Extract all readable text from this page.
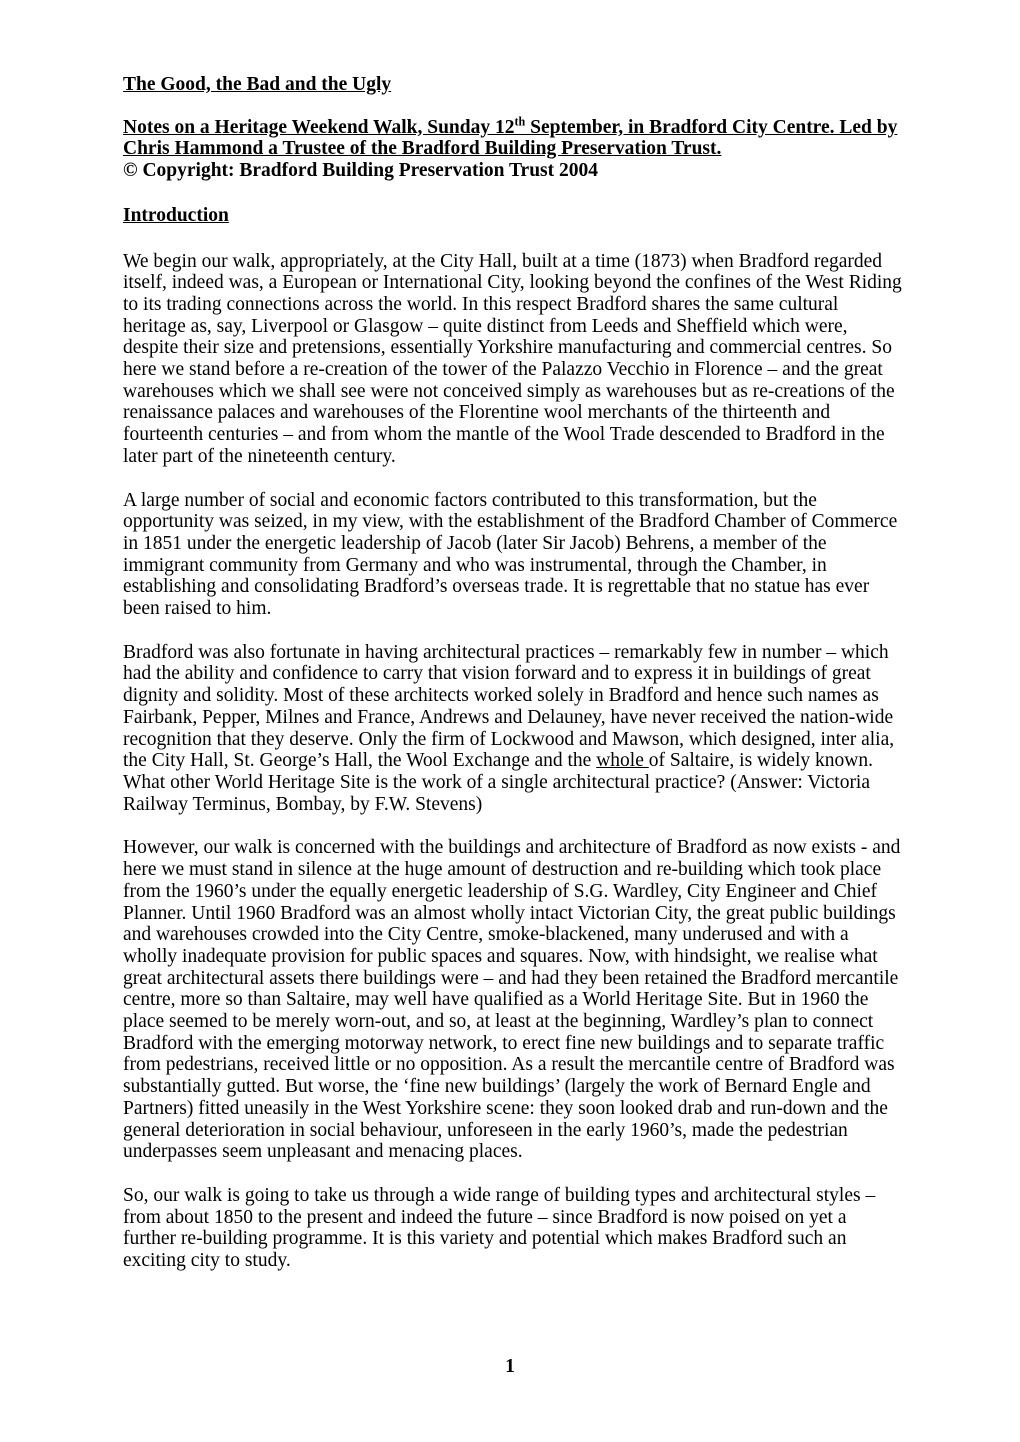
The Good, the Bad and the Ugly
Notes on a Heritage Weekend Walk, Sunday 12th September, in Bradford City Centre. Led by Chris Hammond a Trustee of the Bradford Building Preservation Trust.
© Copyright: Bradford Building Preservation Trust 2004
Introduction

We begin our walk, appropriately, at the City Hall, built at a time (1873) when Bradford regarded itself, indeed was, a European or International City, looking beyond the confines of the West Riding to its trading connections across the world. In this respect Bradford shares the same cultural heritage as, say, Liverpool or Glasgow – quite distinct from Leeds and Sheffield which were, despite their size and pretensions, essentially Yorkshire manufacturing and commercial centres. So here we stand before a re-creation of the tower of the Palazzo Vecchio in Florence – and the great warehouses which we shall see were not conceived simply as warehouses but as re-creations of the renaissance palaces and warehouses of the Florentine wool merchants of the thirteenth and fourteenth centuries – and from whom the mantle of the Wool Trade descended to Bradford in the later part of the nineteenth century.

A large number of social and economic factors contributed to this transformation, but the opportunity was seized, in my view, with the establishment of the Bradford Chamber of Commerce in 1851 under the energetic leadership of Jacob (later Sir Jacob) Behrens, a member of the immigrant community from Germany and who was instrumental, through the Chamber, in establishing and consolidating Bradford’s overseas trade. It is regrettable that no statue has ever been raised to him.

Bradford was also fortunate in having architectural practices – remarkably few in number – which had the ability and confidence to carry that vision forward and to express it in buildings of great dignity and solidity. Most of these architects worked solely in Bradford and hence such names as Fairbank, Pepper, Milnes and France, Andrews and Delauney, have never received the nation-wide recognition that they deserve. Only the firm of Lockwood and Mawson, which designed, inter alia, the City Hall, St. George’s Hall, the Wool Exchange and the whole of Saltaire, is widely known. What other World Heritage Site is the work of a single architectural practice? (Answer: Victoria Railway Terminus, Bombay, by F.W. Stevens)

However, our walk is concerned with the buildings and architecture of Bradford as now exists - and here we must stand in silence at the huge amount of destruction and re-building which took place from the 1960’s under the equally energetic leadership of S.G. Wardley, City Engineer and Chief Planner. Until 1960 Bradford was an almost wholly intact Victorian City, the great public buildings and warehouses crowded into the City Centre, smoke-blackened, many underused and with a wholly inadequate provision for public spaces and squares. Now, with hindsight, we realise what great architectural assets there buildings were – and had they been retained the Bradford mercantile centre, more so than Saltaire, may well have qualified as a World Heritage Site. But in 1960 the place seemed to be merely worn-out, and so, at least at the beginning, Wardley’s plan to connect Bradford with the emerging motorway network, to erect fine new buildings and to separate traffic from pedestrians, received little or no opposition. As a result the mercantile centre of Bradford was substantially gutted. But worse, the ‘fine new buildings’ (largely the work of Bernard Engle and Partners) fitted uneasily in the West Yorkshire scene: they soon looked drab and run-down and the general deterioration in social behaviour, unforeseen in the early 1960’s, made the pedestrian underpasses seem unpleasant and menacing places.

So, our walk is going to take us through a wide range of building types and architectural styles – from about 1850 to the present and indeed the future – since Bradford is now poised on yet a further re-building programme. It is this variety and potential which makes Bradford such an exciting city to study.

1
